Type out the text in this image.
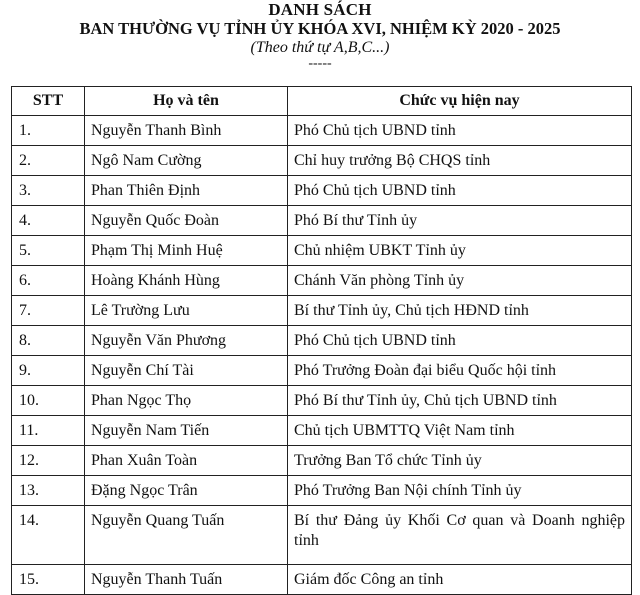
DANH SÁCH
BAN THƯỜNG VỤ TỈNH ỦY KHÓA XVI, NHIỆM KỲ 2020 - 2025
(Theo thứ tự A,B,C...)
-----
STT	Họ và tên	Chức vụ hiện nay
1.	Nguyễn Thanh Bình	Phó Chủ tịch UBND tỉnh
2.	Ngô Nam Cường	Chỉ huy trưởng Bộ CHQS tỉnh
3.	Phan Thiên Định	Phó Chủ tịch UBND tỉnh
4.	Nguyễn Quốc Đoàn	Phó Bí thư Tỉnh ủy
5.	Phạm Thị Minh Huệ	Chủ nhiệm UBKT Tỉnh ủy
6.	Hoàng Khánh Hùng	Chánh Văn phòng Tỉnh ủy
7.	Lê Trường Lưu	Bí thư Tỉnh ủy, Chủ tịch HĐND tỉnh
8.	Nguyễn Văn Phương	Phó Chủ tịch UBND tỉnh
9.	Nguyễn Chí Tài	Phó Trưởng Đoàn đại biểu Quốc hội tỉnh
10.	Phan Ngọc Thọ	Phó Bí thư Tỉnh ủy, Chủ tịch UBND tỉnh
11.	Nguyễn Nam Tiến	Chủ tịch UBMTTQ Việt Nam tỉnh
12.	Phan Xuân Toàn	Trưởng Ban Tổ chức Tỉnh ủy
13.	Đặng Ngọc Trân	Phó Trưởng Ban Nội chính Tỉnh ủy
14.	Nguyễn Quang Tuấn	Bí thư Đảng ủy Khối Cơ quan và Doanh nghiệp tỉnh
15.	Nguyễn Thanh Tuấn	Giám đốc Công an tỉnh
